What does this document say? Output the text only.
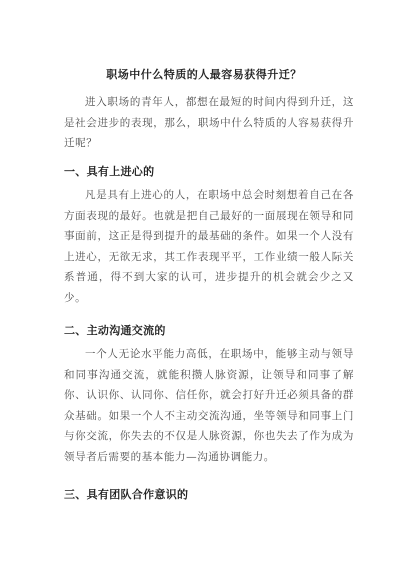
职场中什么特质的人最容易获得升迁？

进入职场的青年人，都想在最短的时间内得到升迁，这是社会进步的表现，那么，职场中什么特质的人容易获得升迁呢？

一、具有上进心的

凡是具有上进心的人，在职场中总会时刻想着自己在各方面表现的最好。也就是把自己最好的一面展现在领导和同事面前，这正是得到提升的最基础的条件。如果一个人没有上进心，无欲无求，其工作表现平平，工作业绩一般人际关系普通，得不到大家的认可，进步提升的机会就会少之又少。

二、主动沟通交流的

一个人无论水平能力高低，在职场中，能够主动与领导和同事沟通交流，就能积攒人脉资源，让领导和同事了解你、认识你、认同你、信任你，就会打好升迁必须具备的群众基础。如果一个人不主动交流沟通，坐等领导和同事上门与你交流，你失去的不仅是人脉资源，你也失去了作为成为领导者后需要的基本能力—沟通协调能力。

三、具有团队合作意识的
